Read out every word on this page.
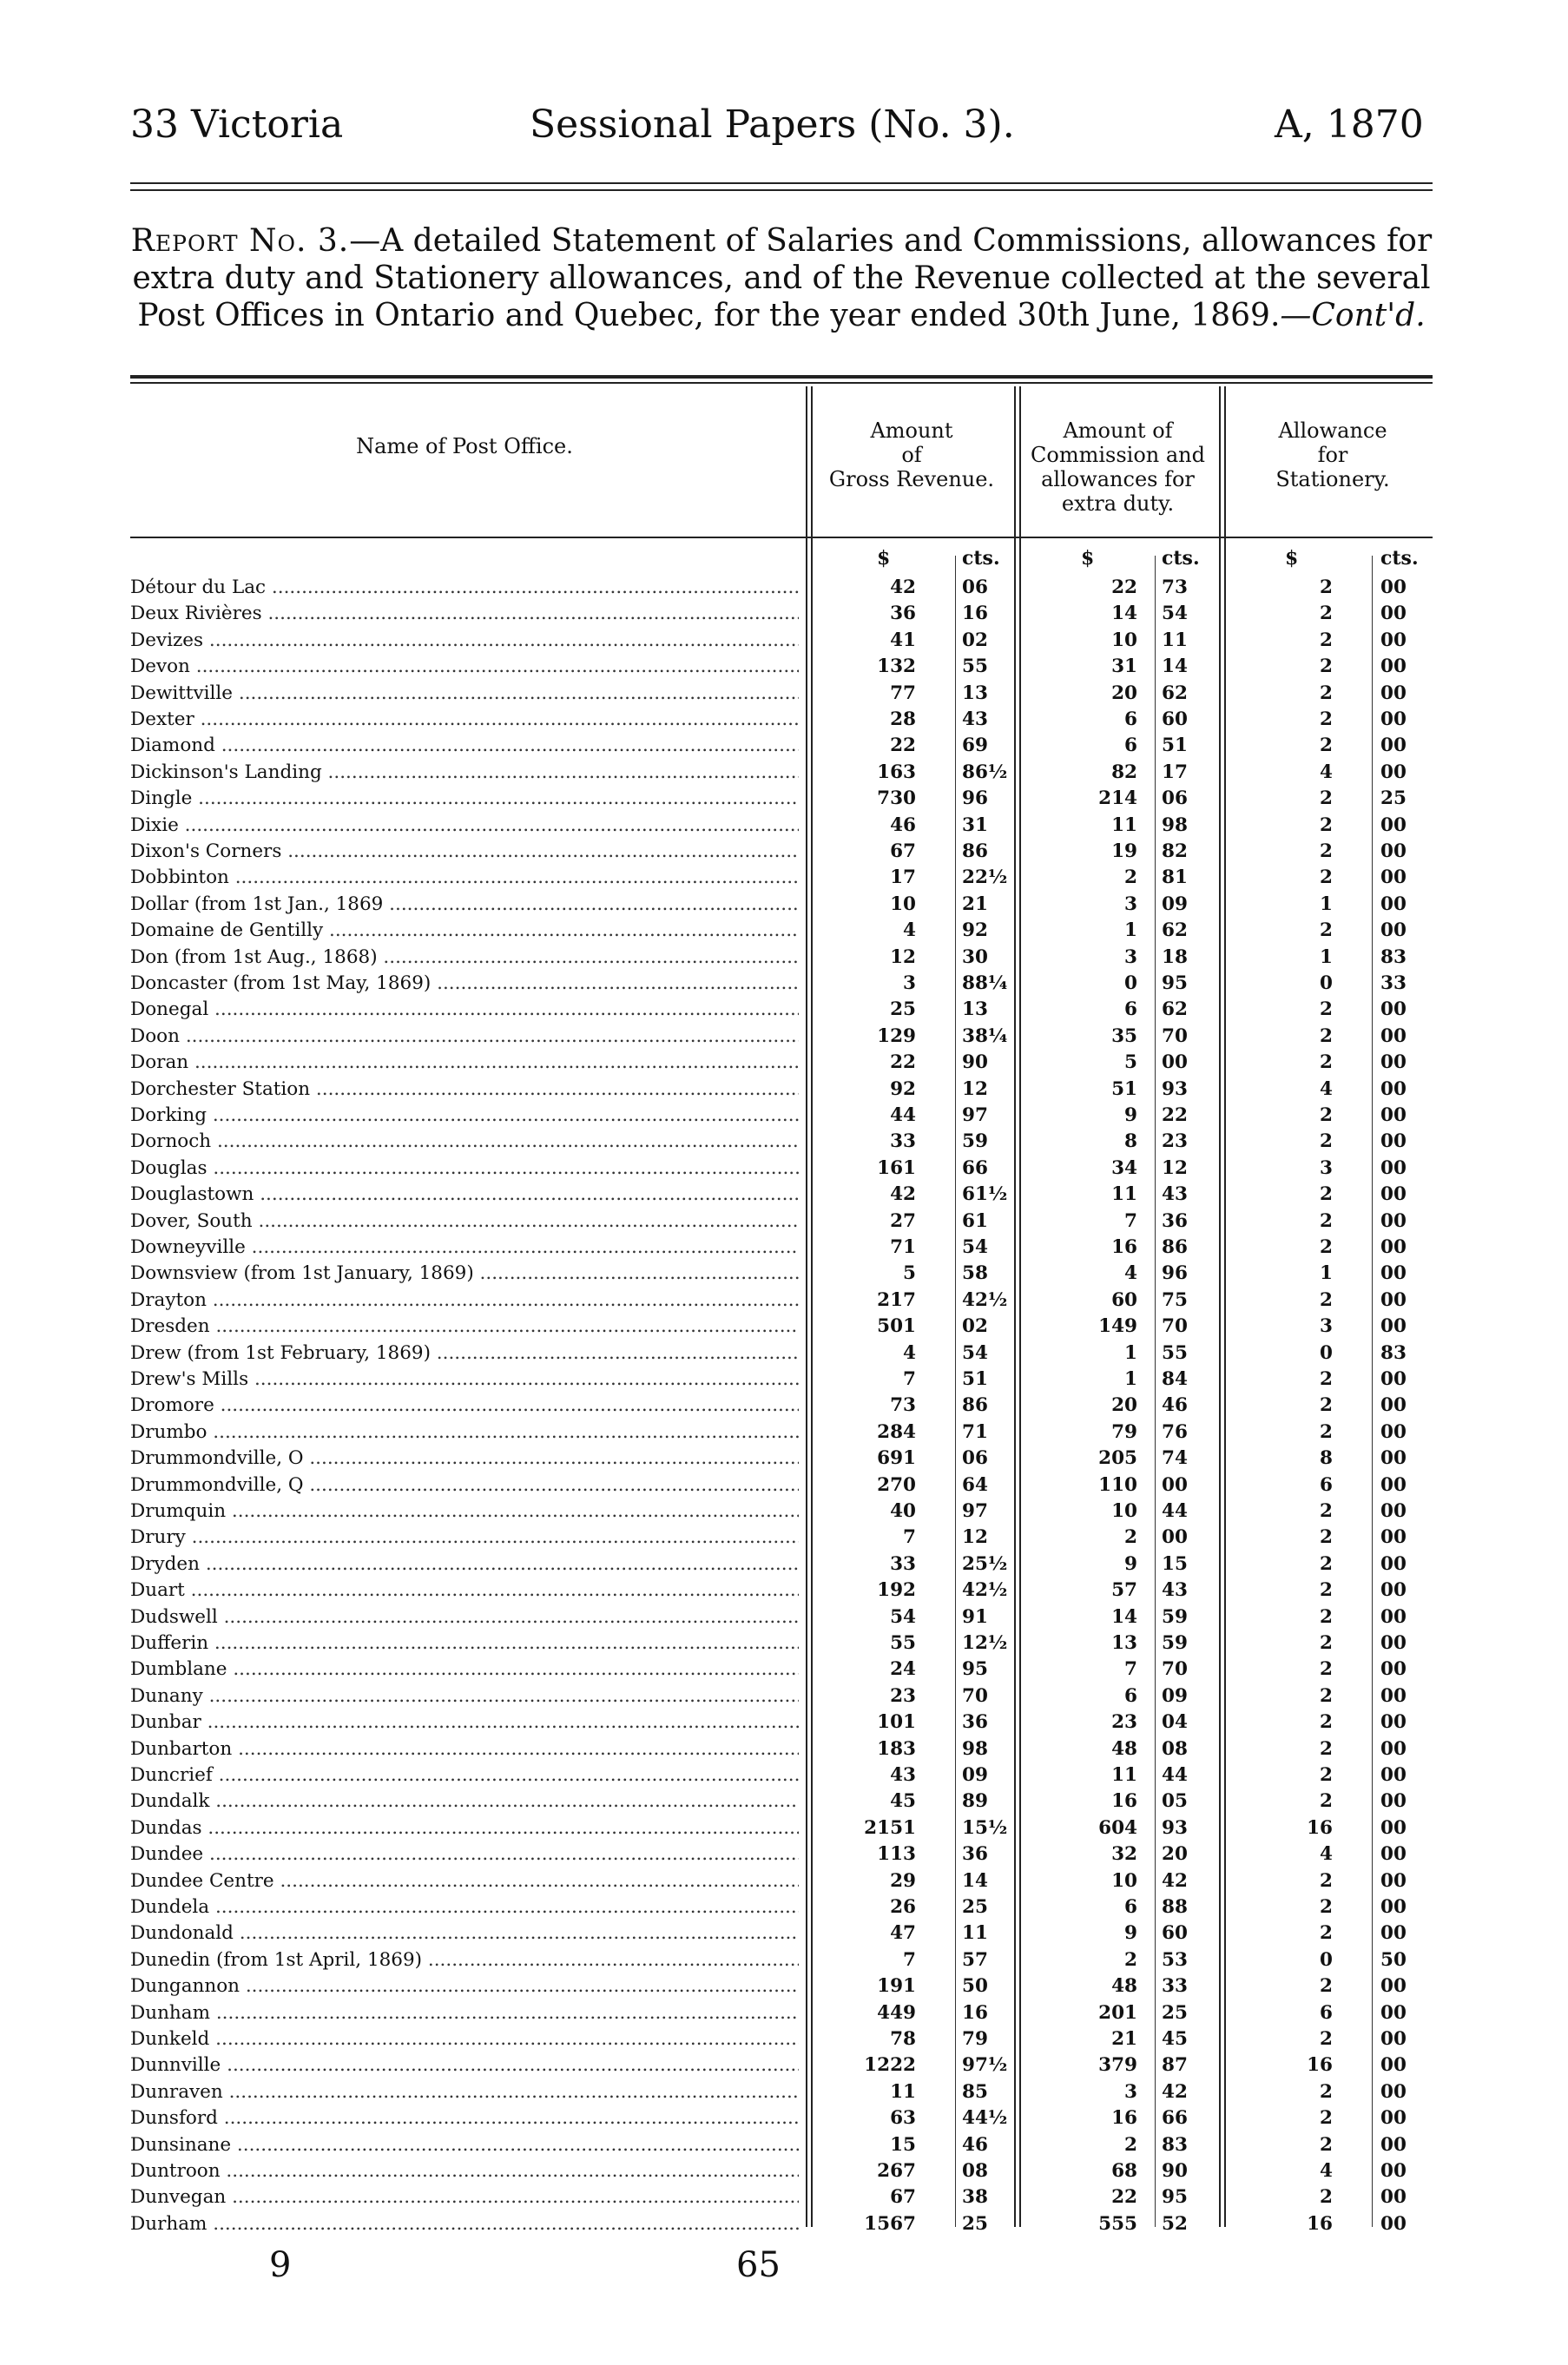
33 Victoria	Sessional Papers (No. 3).	A, 1870

Report No. 3.—A detailed Statement of Salaries and Commissions, allowances for extra duty and Stationery allowances, and of the Revenue collected at the several Post Offices in Ontario and Quebec, for the year ended 30th June, 1869.—Cont'd.

Name of Post Office.
Amount
of
Gross Revenue.
Amount of
Commission and
allowances for
extra duty.
Allowance
for
Stationery.
$	cts.	$	cts.	$	cts.
Détour du Lac .....	42 06	22 73	2	00
Deux Rivières .....	36 16	14 54	2	00
Devizes .....	41 02	10 11	2	00
Devon .....	132 55	31 14	2	00
Dewittville .....	77 13	20 62	2	00
Dexter .....	28 43	6 60	2	00
Diamond .....	22 69	6 51	2	00
Dickinson's Landing .....	163 86½	82 17	4	00
Dingle .....	730 96	214 06	2	25
Dixie .....	46 31	11 98	2	00
Dixon's Corners .....	67 86	19 82	2	00
Dobbinton .....	17 22½	2 81	2	00
Dollar (from 1st Jan., 1869 .....	10 21	3 09	1	00
Domaine de Gentilly .....	4 92	1 62	2	00
Don (from 1st Aug., 1868) .....	12 30	3 18	1	83
Doncaster (from 1st May, 1869) .....	3 88¼	0 95	0	33
Donegal .....	25 13	6 62	2	00
Doon .....	129 38¼	35 70	2	00
Doran .....	22 90	5 00	2	00
Dorchester Station .....	92 12	51 93	4	00
Dorking .....	44 97	9 22	2	00
Dornoch .....	33 59	8 23	2	00
Douglas .....	161 66	34 12	3	00
Douglastown .....	42 61½	11 43	2	00
Dover, South .....	27 61	7 36	2	00
Downeyville .....	71 54	16 86	2	00
Downsview (from 1st January, 1869) .....	5 58	4 96	1	00
Drayton .....	217 42½	60 75	2	00
Dresden .....	501 02	149 70	3	00
Drew (from 1st February, 1869) .....	4 54	1 55	0	83
Drew's Mills .....	7 51	1 84	2	00
Dromore .....	73 86	20 46	2	00
Drumbo .....	284 71	79 76	2	00
Drummondville, O .....	691 06	205 74	8	00
Drummondville, Q .....	270 64	110 00	6	00
Drumquin .....	40 97	10 44	2	00
Drury .....	7 12	2 00	2	00
Dryden .....	33 25½	9 15	2	00
Duart .....	192 42½	57 43	2	00
Dudswell .....	54 91	14 59	2	00
Dufferin .....	55 12½	13 59	2	00
Dumblane .....	24 95	7 70	2	00
Dunany .....	23 70	6 09	2	00
Dunbar .....	101 36	23 04	2	00
Dunbarton .....	183 98	48 08	2	00
Duncrief .....	43 09	11 44	2	00
Dundalk .....	45 89	16 05	2	00
Dundas .....	2151 15½	604 93	16	00
Dundee .....	113 36	32 20	4	00
Dundee Centre .....	29 14	10 42	2	00
Dundela .....	26 25	6 88	2	00
Dundonald .....	47 11	9 60	2	00
Dunedin (from 1st April, 1869) .....	7 57	2 53	0	50
Dungannon .....	191 50	48 33	2	00
Dunham .....	449 16	201 25	6	00
Dunkeld .....	78 79	21 45	2	00
Dunnville .....	1222 97½	379 87	16	00
Dunraven .....	11 85	3 42	2	00
Dunsford .....	63 44½	16 66	2	00
Dunsinane .....	15 46	2 83	2	00
Duntroon .....	267 08	68 90	4	00
Dunvegan .....	67 38	22 95	2	00
Durham .....	1567 25	555 52	16	00
9	65
